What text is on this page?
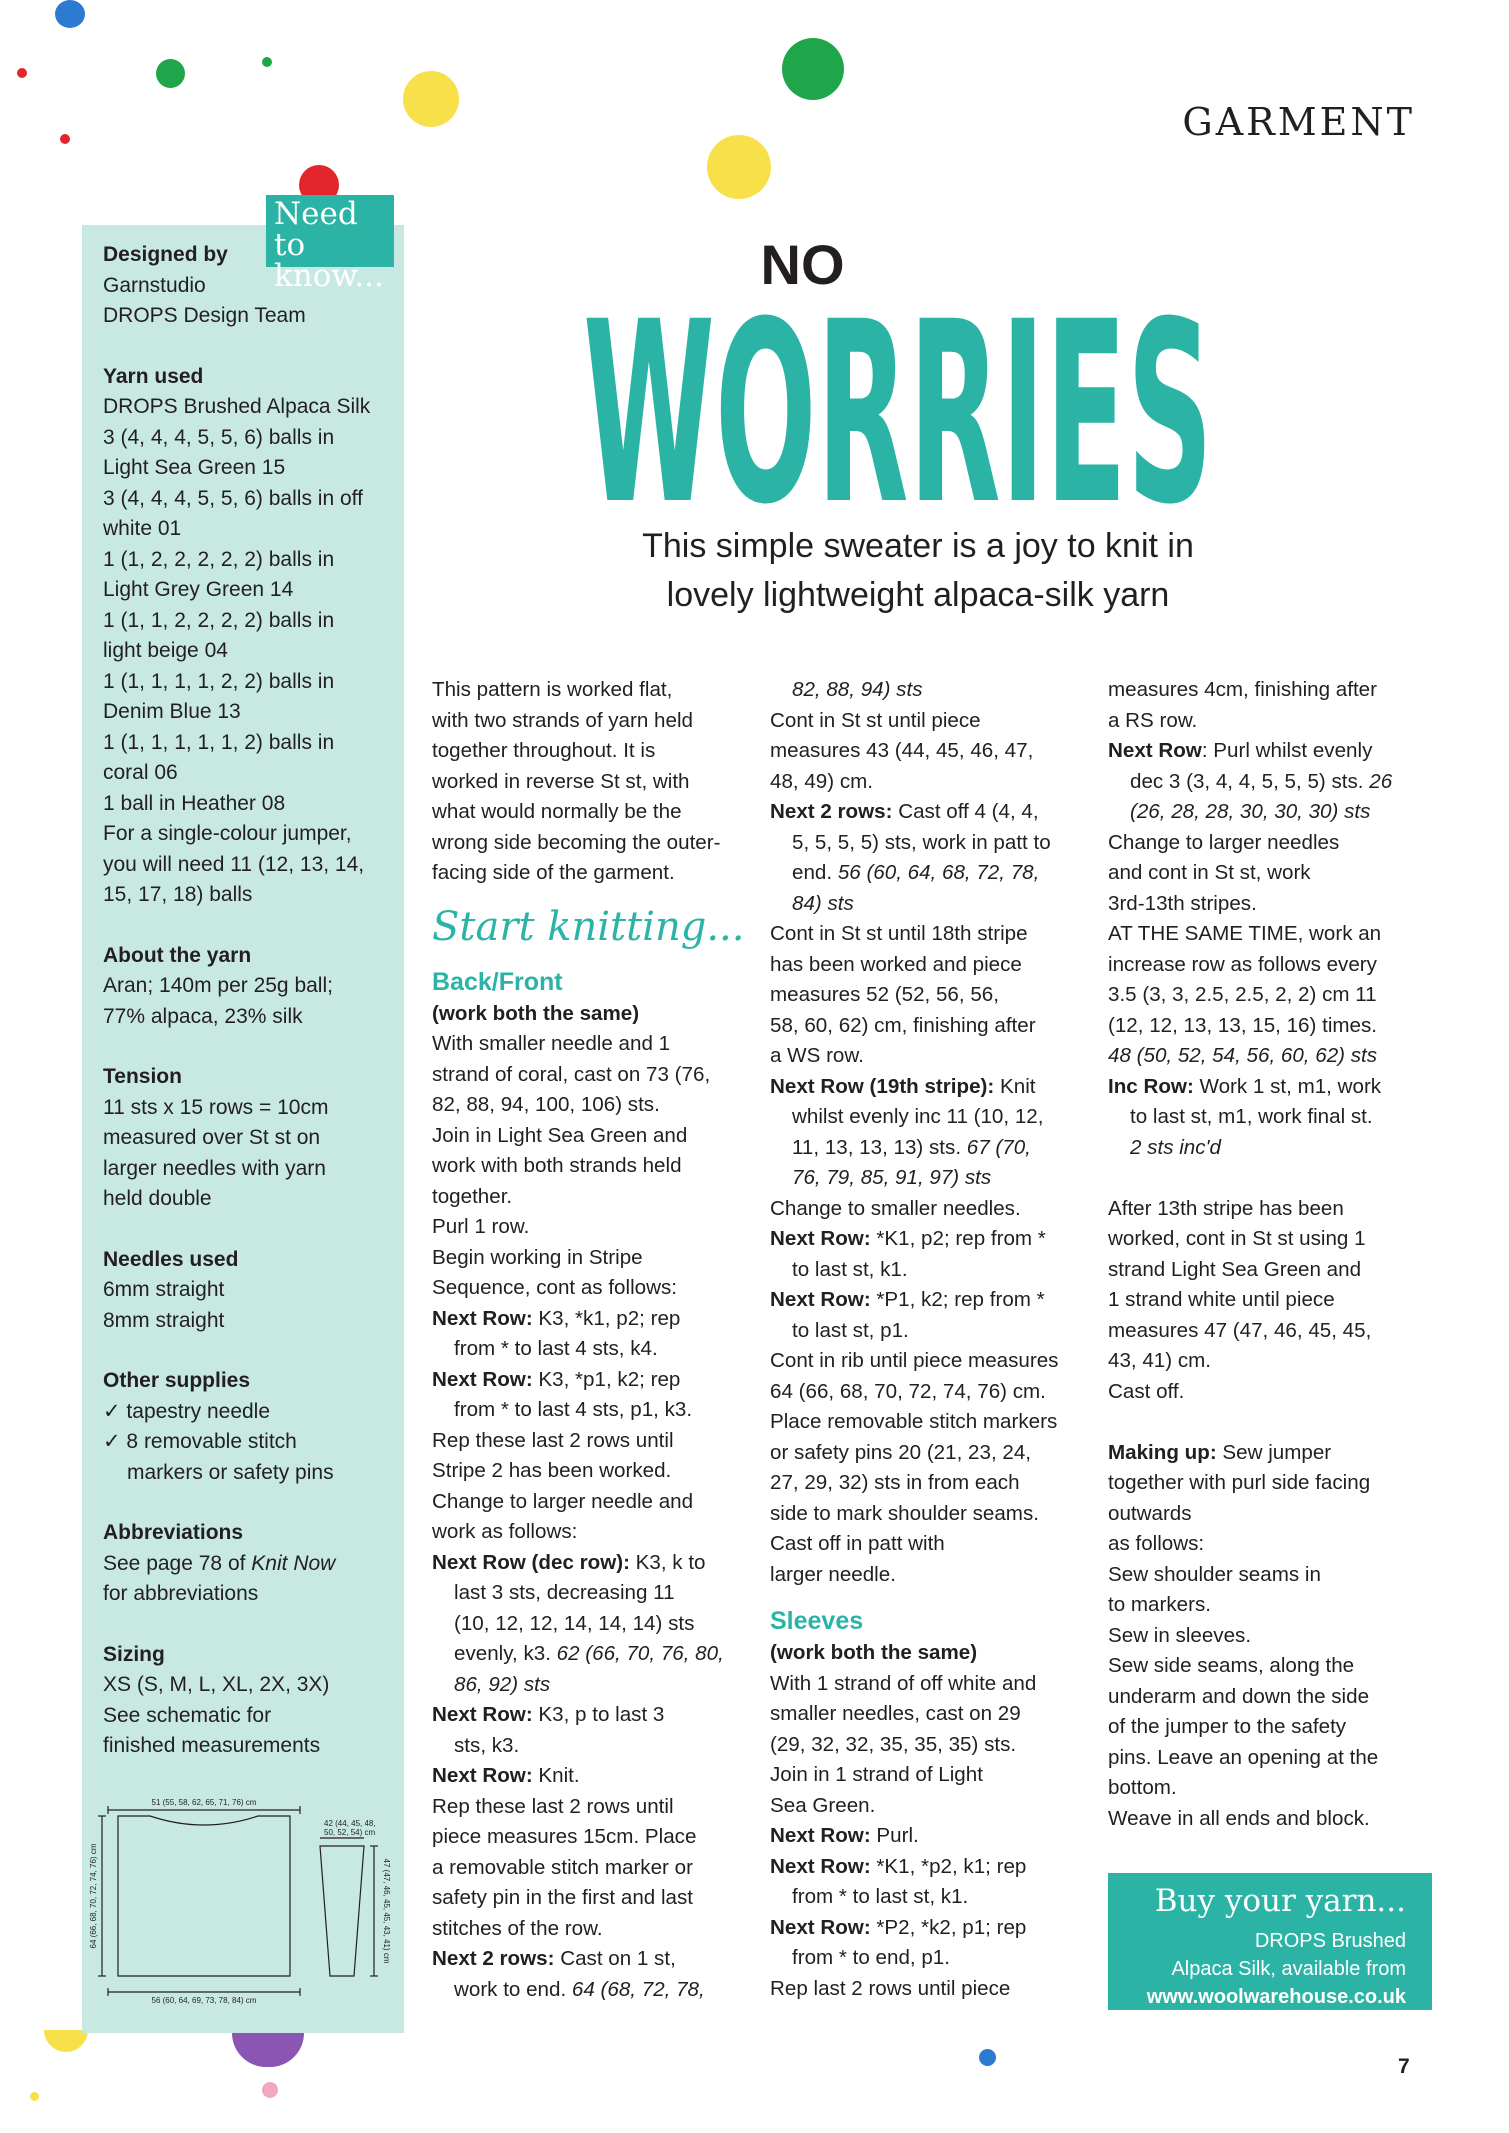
GARMENT
Need to know...
Designed by

Garnstudio

DROPS Design Team

Yarn used

DROPS Brushed Alpaca Silk

3 (4, 4, 4, 5, 5, 6) balls in

Light Sea Green 15

3 (4, 4, 4, 5, 5, 6) balls in off

white 01

1 (1, 2, 2, 2, 2, 2) balls in

Light Grey Green 14

1 (1, 1, 2, 2, 2, 2) balls in

light beige 04

1 (1, 1, 1, 1, 2, 2) balls in

Denim Blue 13

1 (1, 1, 1, 1, 1, 2) balls in

coral 06

1 ball in Heather 08

For a single-colour jumper,

you will need 11 (12, 13, 14,

15, 17, 18) balls

About the yarn

Aran; 140m per 25g ball;

77% alpaca, 23% silk

Tension

11 sts x 15 rows = 10cm

measured over St st on

larger needles with yarn

held double

Needles used

6mm straight

8mm straight

Other supplies

✓ tapestry needle

✓ 8 removable stitch

markers or safety pins

Abbreviations

See page 78 of Knit Now

for abbreviations

Sizing

XS (S, M, L, XL, 2X, 3X)

See schematic for

finished measurements

51 (55, 58, 62, 65, 71, 76) cm
56 (60, 64, 69, 73, 78, 84) cm
64 (66, 68, 70, 72, 74, 76) cm
42 (44, 45, 48,
50, 52, 54) cm
47 (47, 46, 45, 45, 43, 41) cm
NO
WORRIES
This simple sweater is a joy to knit in
lovely lightweight alpaca-silk yarn

This pattern is worked flat,

with two strands of yarn held

together throughout. It is

worked in reverse St st, with

what would normally be the

wrong side becoming the outer-

facing side of the garment.

Start knitting...
Back/Front

(work both the same)

With smaller needle and 1

strand of coral, cast on 73 (76,

82, 88, 94, 100, 106) sts.

Join in Light Sea Green and

work with both strands held

together.

Purl 1 row.

Begin working in Stripe

Sequence, cont as follows:

Next Row: K3, *k1, p2; rep

from * to last 4 sts, k4.

Next Row: K3, *p1, k2; rep

from * to last 4 sts, p1, k3.

Rep these last 2 rows until

Stripe 2 has been worked.

Change to larger needle and

work as follows:

Next Row (dec row): K3, k to

last 3 sts, decreasing 11

(10, 12, 12, 14, 14, 14) sts

evenly, k3. 62 (66, 70, 76, 80,

86, 92) sts

Next Row: K3, p to last 3

sts, k3.

Next Row: Knit.

Rep these last 2 rows until

piece measures 15cm. Place

a removable stitch marker or

safety pin in the first and last

stitches of the row.

Next 2 rows: Cast on 1 st,

work to end. 64 (68, 72, 78,

82, 88, 94) sts

Cont in St st until piece

measures 43 (44, 45, 46, 47,

48, 49) cm.

Next 2 rows: Cast off 4 (4, 4,

5, 5, 5, 5) sts, work in patt to

end. 56 (60, 64, 68, 72, 78,

84) sts

Cont in St st until 18th stripe

has been worked and piece

measures 52 (52, 56, 56,

58, 60, 62) cm, finishing after

a WS row.

Next Row (19th stripe): Knit

whilst evenly inc 11 (10, 12,

11, 13, 13, 13) sts. 67 (70,

76, 79, 85, 91, 97) sts

Change to smaller needles.

Next Row: *K1, p2; rep from *

to last st, k1.

Next Row: *P1, k2; rep from *

to last st, p1.

Cont in rib until piece measures

64 (66, 68, 70, 72, 74, 76) cm.

Place removable stitch markers

or safety pins 20 (21, 23, 24,

27, 29, 32) sts in from each

side to mark shoulder seams.

Cast off in patt with

larger needle.

Sleeves

(work both the same)

With 1 strand of off white and

smaller needles, cast on 29

(29, 32, 32, 35, 35, 35) sts.

Join in 1 strand of Light

Sea Green.

Next Row: Purl.

Next Row: *K1, *p2, k1; rep

from * to last st, k1.

Next Row: *P2, *k2, p1; rep

from * to end, p1.

Rep last 2 rows until piece

measures 4cm, finishing after

a RS row.

Next Row: Purl whilst evenly

dec 3 (3, 4, 4, 5, 5, 5) sts. 26

(26, 28, 28, 30, 30, 30) sts

Change to larger needles

and cont in St st, work

3rd-13th stripes.

AT THE SAME TIME, work an

increase row as follows every

3.5 (3, 3, 2.5, 2.5, 2, 2) cm 11

(12, 12, 13, 13, 15, 16) times.

48 (50, 52, 54, 56, 60, 62) sts

Inc Row: Work 1 st, m1, work

to last st, m1, work final st.

2 sts inc'd

After 13th stripe has been

worked, cont in St st using 1

strand Light Sea Green and

1 strand white until piece

measures 47 (47, 46, 45, 45,

43, 41) cm.

Cast off.

Making up: Sew jumper

together with purl side facing

outwards

as follows:

Sew shoulder seams in

to markers.

Sew in sleeves.

Sew side seams, along the

underarm and down the side

of the jumper to the safety

pins. Leave an opening at the

bottom.

Weave in all ends and block.

Buy your yarn...
DROPS Brushed
Alpaca Silk, available from
www.woolwarehouse.co.uk
7
